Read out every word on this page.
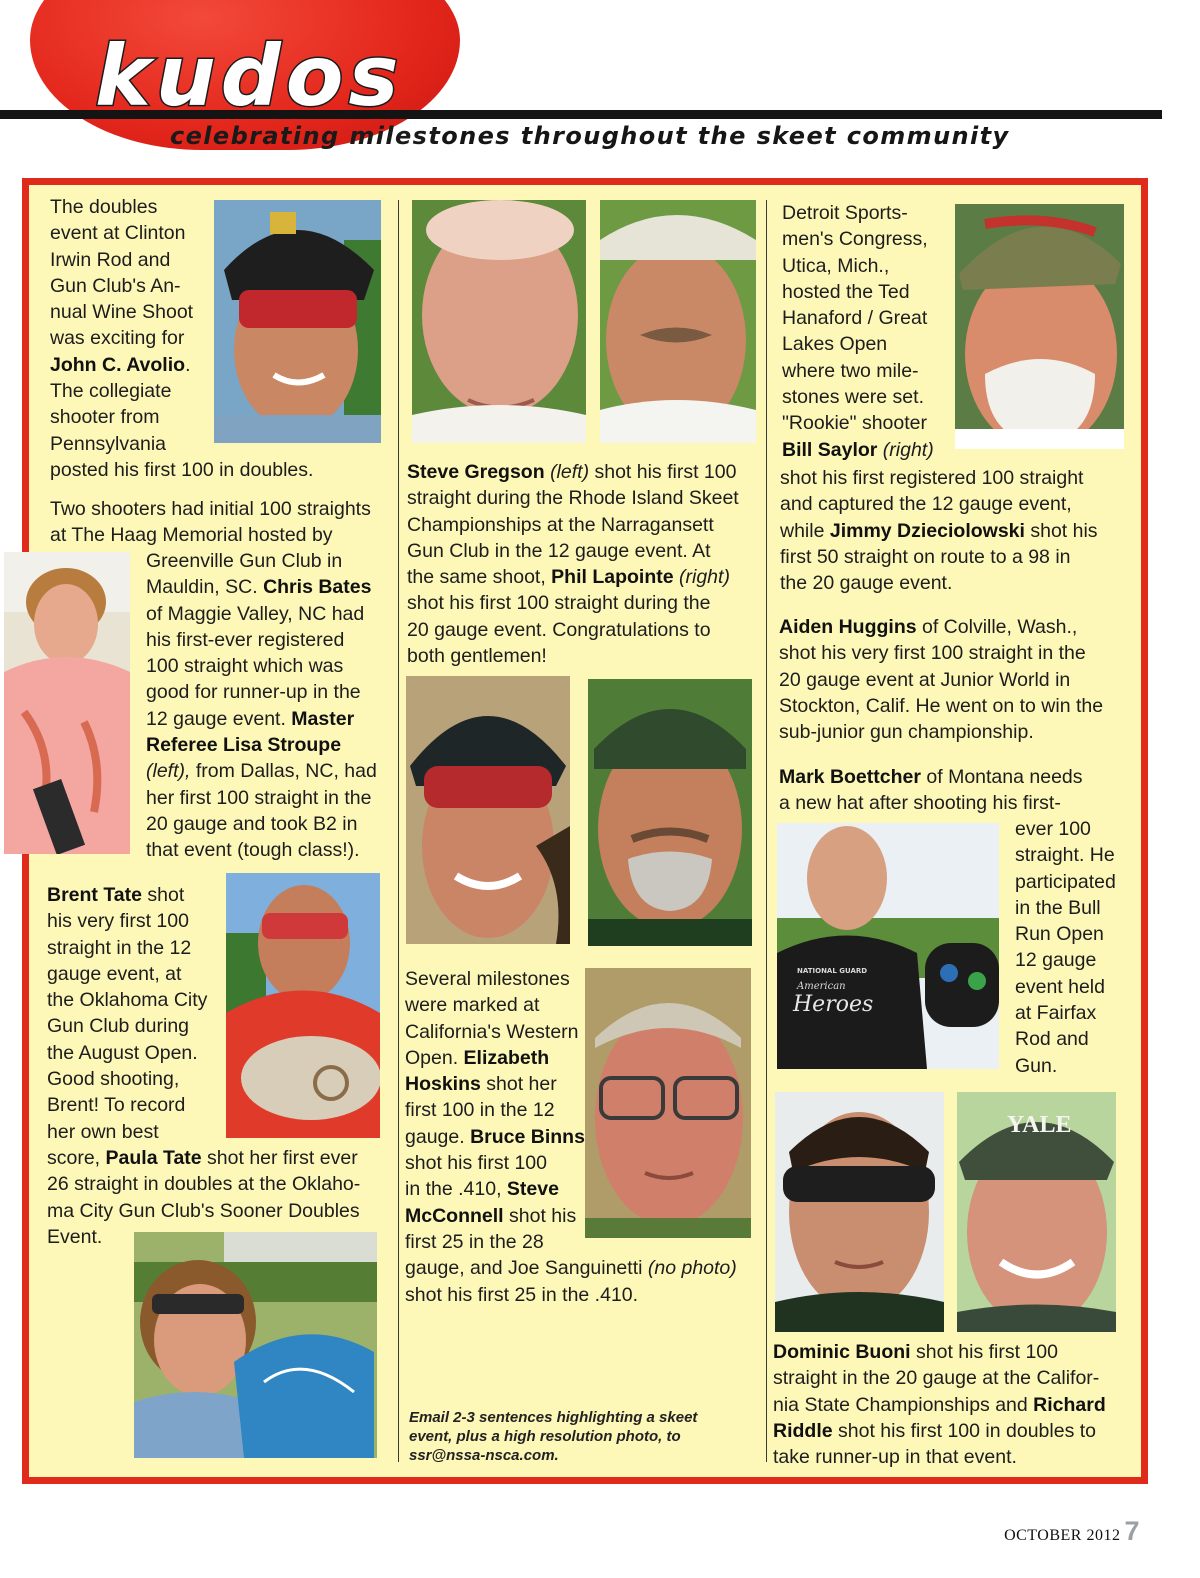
kudos
celebrating milestones throughout the skeet community
The doubles
event at Clinton
Irwin Rod and
Gun Club's An-
nual Wine Shoot
was exciting for
John C. Avolio.
The collegiate
shooter from
Pennsylvania
posted his first 100 in doubles.
Two shooters had initial 100 straights
at The Haag Memorial hosted by
Greenville Gun Club in
Mauldin, SC. Chris Bates
of Maggie Valley, NC had
his first-ever registered
100 straight which was
good for runner-up in the
12 gauge event. Master
Referee Lisa Stroupe
(left), from Dallas, NC, had
her first 100 straight in the
20 gauge and took B2 in
that event (tough class!).
Brent Tate shot
his very first 100
straight in the 12
gauge event, at
the Oklahoma City
Gun Club during
the August Open.
Good shooting,
Brent! To record
her own best
score, Paula Tate shot her first ever
26 straight in doubles at the Oklaho-
ma City Gun Club's Sooner Doubles
Event.
Steve Gregson (left) shot his first 100
straight during the Rhode Island Skeet
Championships at the Narragansett
Gun Club in the 12 gauge event. At
the same shoot, Phil Lapointe (right)
shot his first 100 straight during the
20 gauge event. Congratulations to
both gentlemen!
Several milestones
were marked at
California's Western
Open. Elizabeth
Hoskins shot her
first 100 in the 12
gauge. Bruce Binns
shot his first 100
in the .410, Steve
McConnell shot his
first 25 in the 28
gauge, and Joe Sanguinetti (no photo)
shot his first 25 in the .410.
Email 2-3 sentences highlighting a skeet
event, plus a high resolution photo, to
ssr@nssa-nsca.com.
Detroit Sports-
men's Congress,
Utica, Mich.,
hosted the Ted
Hanaford / Great
Lakes Open
where two mile-
stones were set.
"Rookie" shooter
Bill Saylor (right)
shot his first registered 100 straight
and captured the 12 gauge event,
while Jimmy Dzieciolowski shot his
first 50 straight on route to a 98 in
the 20 gauge event.
Aiden Huggins of Colville, Wash.,
shot his very first 100 straight in the
20 gauge event at Junior World in
Stockton, Calif. He went on to win the
sub-junior gun championship.
Mark Boettcher of Montana needs
a new hat after shooting his first-
NATIONAL GUARD
American
Heroes
ever 100
straight. He
participated
in the Bull
Run Open
12 gauge
event held
at Fairfax
Rod and
Gun.
YALE
Dominic Buoni shot his first 100
straight in the 20 gauge at the Califor-
nia State Championships and Richard
Riddle shot his first 100 in doubles to
take runner-up in that event.
OCTOBER 2012 7
